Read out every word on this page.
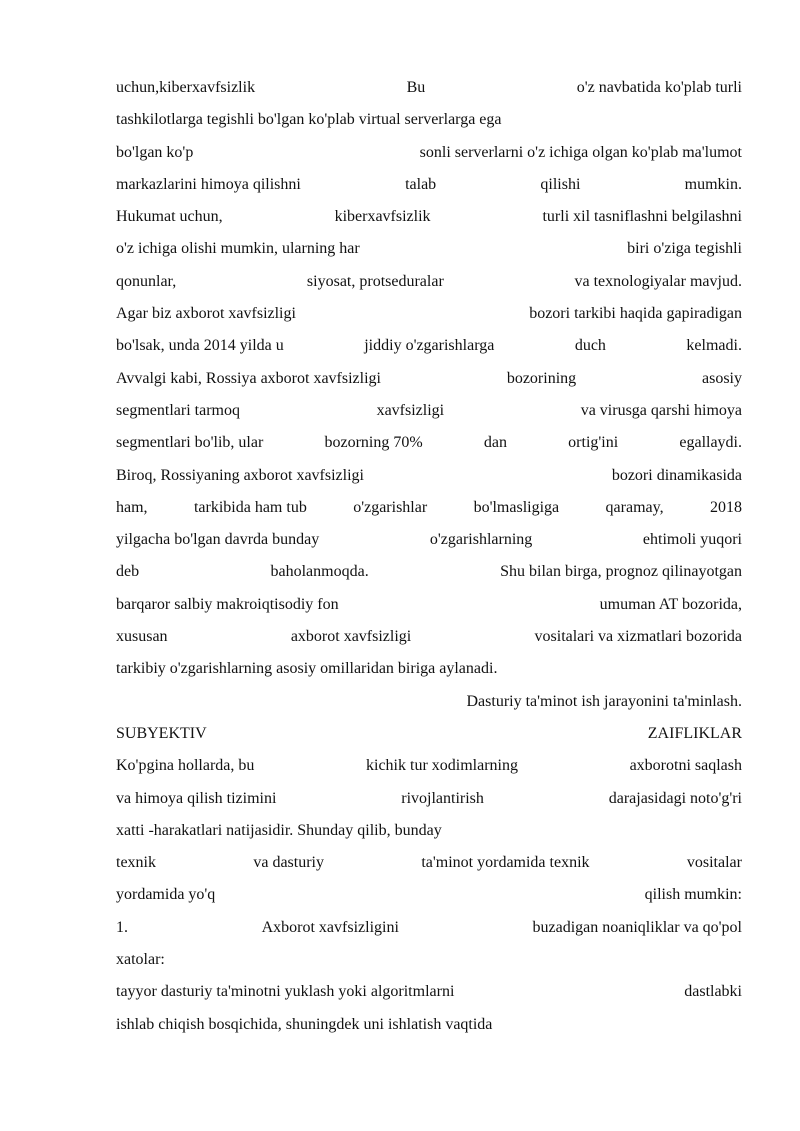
uchun,kiberxavfsizlik	Bu	o'z navbatida ko'plab turli
tashkilotlarga tegishli bo'lgan ko'plab virtual serverlarga ega
bo'lgan ko'p	sonli serverlarni o'z ichiga olgan ko'plab ma'lumot
markazlarini himoya qilishni	talab	qilishi	mumkin.
Hukumat uchun,	kiberxavfsizlik	turli xil tasniflashni belgilashni
o'z ichiga olishi mumkin, ularning har	biri o'ziga tegishli
qonunlar,	siyosat, protseduralar	va texnologiyalar mavjud.
Agar biz axborot xavfsizligi	bozori tarkibi haqida gapiradigan
bo'lsak, unda 2014 yilda u	jiddiy o'zgarishlarga	duch	kelmadi.
Avvalgi kabi, Rossiya axborot xavfsizligi	bozorining	asosiy
segmentlari tarmoq	xavfsizligi	va virusga qarshi himoya
segmentlari bo'lib, ular	bozorning 70%	dan	ortig'ini	egallaydi.
Biroq, Rossiyaning axborot xavfsizligi	bozori dinamikasida
ham,	tarkibida ham tub	o'zgarishlar	bo'lmasligiga	qaramay,	2018
yilgacha bo'lgan davrda bunday	o'zgarishlarning	ehtimoli yuqori
deb	baholanmoqda.	Shu bilan birga, prognoz qilinayotgan
barqaror salbiy makroiqtisodiy fon	umuman AT bozorida,
xususan	axborot xavfsizligi	vositalari va xizmatlari bozorida
tarkibiy o'zgarishlarning asosiy omillaridan biriga aylanadi.
Dasturiy ta'minot ish jarayonini ta'minlash.
SUBYEKTIV	ZAIFLIKLAR
Ko'pgina hollarda, bu	kichik tur xodimlarning	axborotni saqlash
va himoya qilish tizimini	rivojlantirish	darajasidagi noto'g'ri
xatti -harakatlari natijasidir. Shunday qilib, bunday
texnik	va dasturiy	ta'minot yordamida texnik	vositalar
yordamida yo'q	qilish mumkin:
1.	Axborot xavfsizligini	buzadigan noaniqliklar va qo'pol
xatolar:
tayyor dasturiy ta'minotni yuklash yoki algoritmlarni	dastlabki
ishlab chiqish bosqichida, shuningdek uni ishlatish vaqtida
